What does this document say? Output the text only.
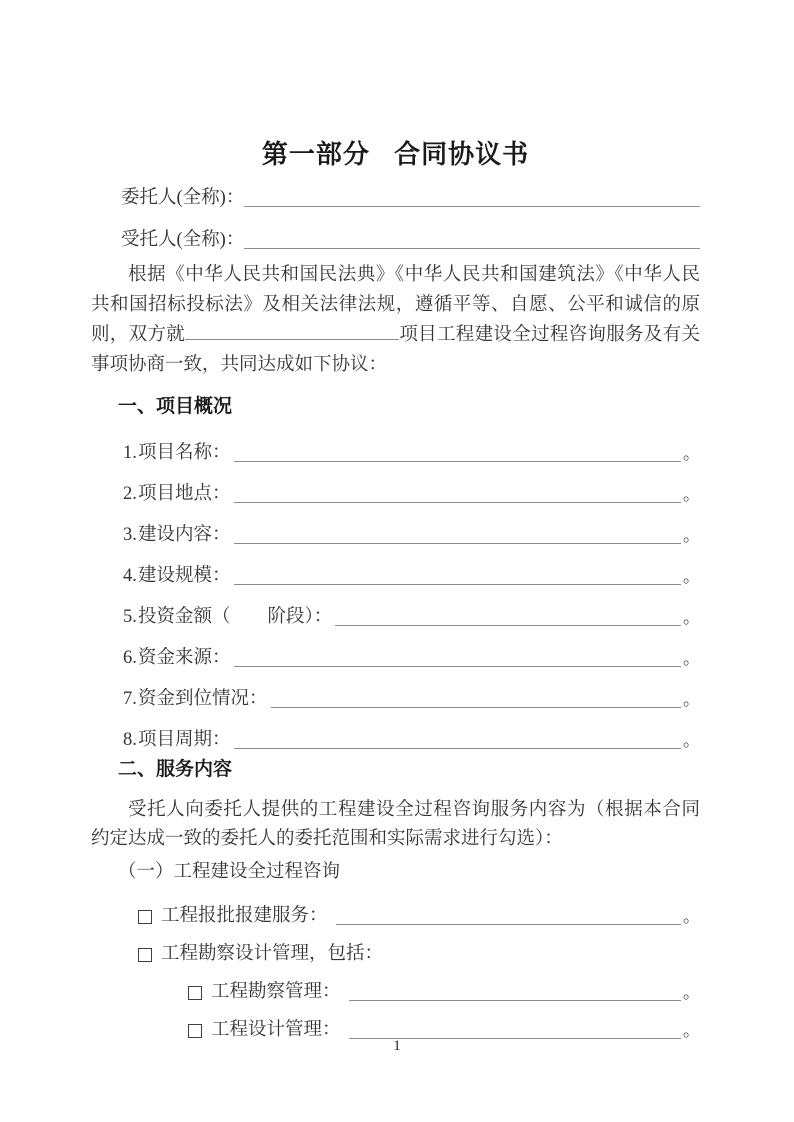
第一部分 合同协议书
委托人(全称)：
受托人(全称)：

根据《中华人民共和国民法典》《中华人民共和国建筑法》《中华人民共和国招标投标法》及相关法律法规，遵循平等、自愿、公平和诚信的原则，双方就	项目工程建设全过程咨询服务及有关事项协商一致，共同达成如下协议：

一、项目概况
1. 项目名称：	。
2. 项目地点：	。
3. 建设内容：	。
4. 建设规模：	。
5. 投资金额（　　阶段）：	。
6. 资金来源：	。
7. 资金到位情况：	。
8. 项目周期：	。
二、服务内容

受托人向委托人提供的工程建设全过程咨询服务内容为（根据本合同约定达成一致的委托人的委托范围和实际需求进行勾选）：

（一）工程建设全过程咨询
工程报批报建服务：	。
工程勘察设计管理，包括：
工程勘察管理：	。
工程设计管理：	。
1
